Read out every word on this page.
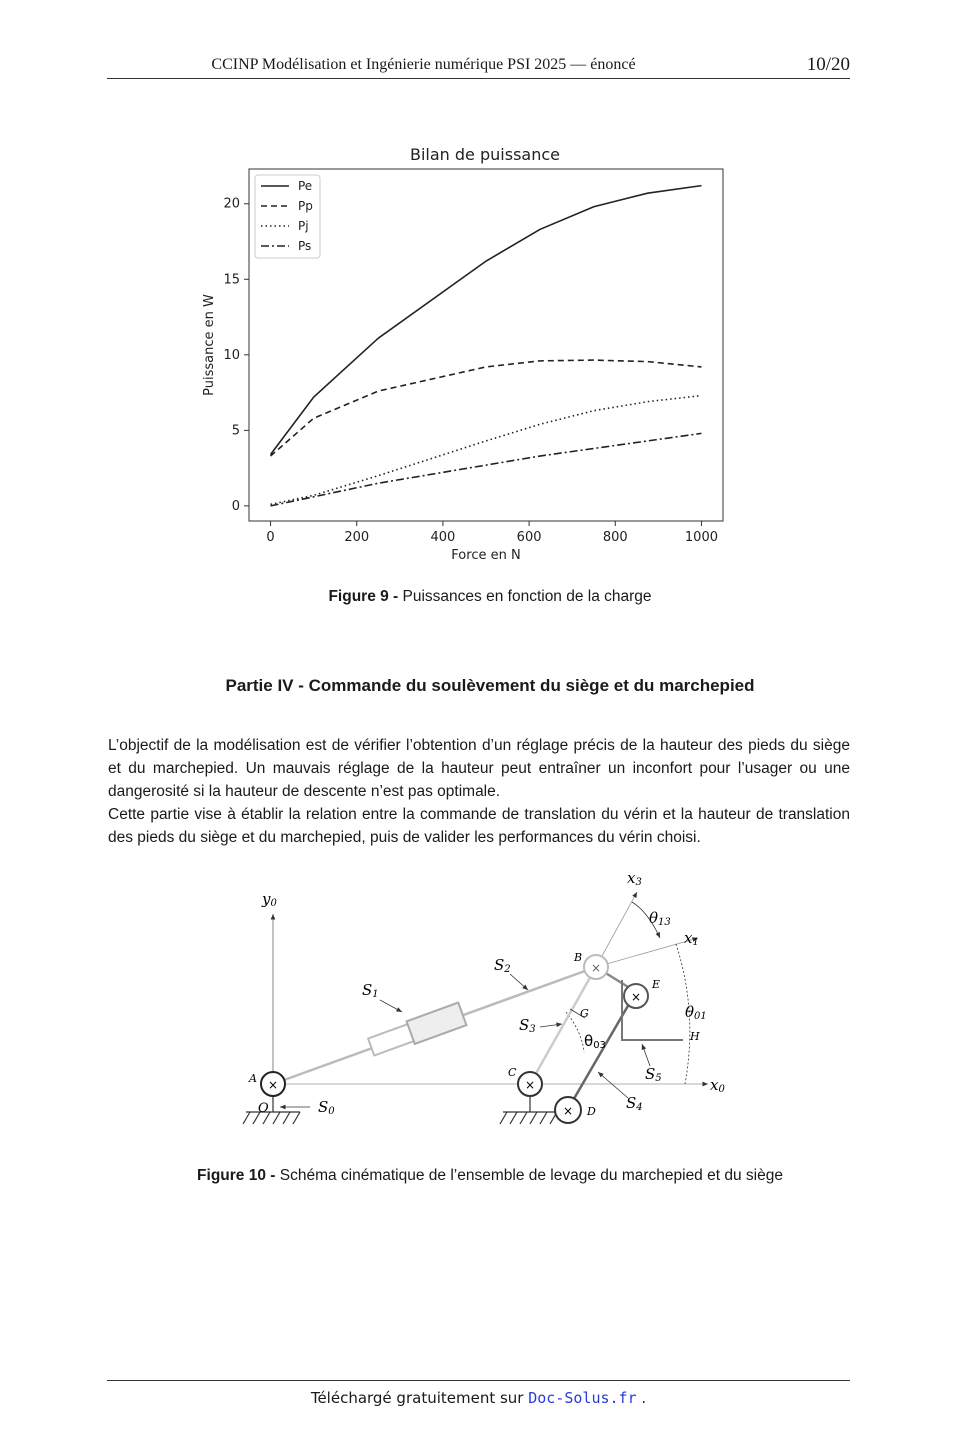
CCINP Modélisation et Ingénierie numérique PSI 2025 — énoncé	10/20
Bilan de puissance
0	200	400	600	800	1000
0
5
10
15
20
Force en N
Puissance en W
Pe
Pp
Pj
Ps
Figure 9 - Puissances en fonction de la charge
Partie IV - Commande du soulèvement du siège et du marchepied

L’objectif de la modélisation est de vérifier l’obtention d’un réglage précis de la hauteur des pieds du siège et du marchepied. Un mauvais réglage de la hauteur peut entraîner un inconfort pour l’usager ou une dangerosité si la hauteur de descente n’est pas optimale.

Cette partie vise à établir la relation entre la commande de translation du vérin et la hauteur de translation des pieds du siège et du marchepied, puis de valider les performances du vérin choisi.

×	×
×
×
×
y0
x0
x1
x3
θ13
θ01
θ03
S0
S1
S2
S3
S4
S5
A
O
B
C
D
E
G
H
Figure 10 - Schéma cinématique de l’ensemble de levage du marchepied et du siège
Téléchargé gratuitement sur Doc-Solus.fr .
